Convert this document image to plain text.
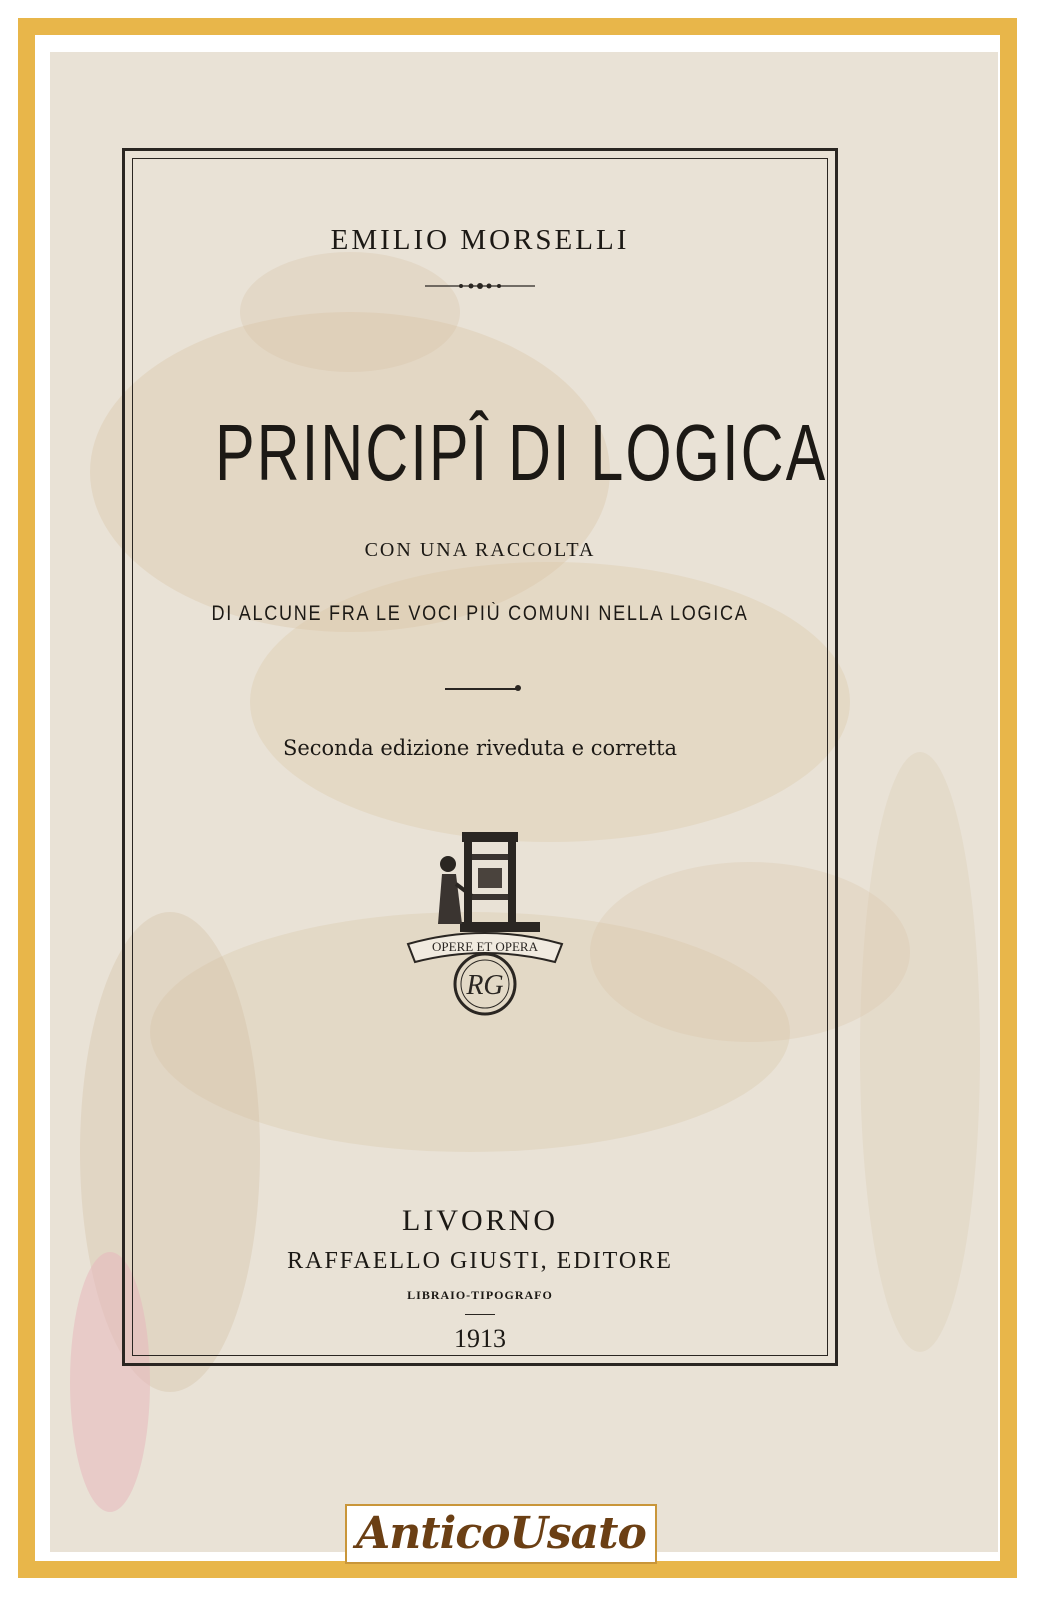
EMILIO MORSELLI
PRINCIPÎ DI LOGICA
CON UNA RACCOLTA
DI ALCUNE FRA LE VOCI PIÙ COMUNI NELLA LOGICA
Seconda edizione riveduta e corretta
OPERE ET OPERA
RG
LIVORNO
RAFFAELLO GIUSTI, EDITORE
LIBRAIO-TIPOGRAFO
1913
AnticoUsato
